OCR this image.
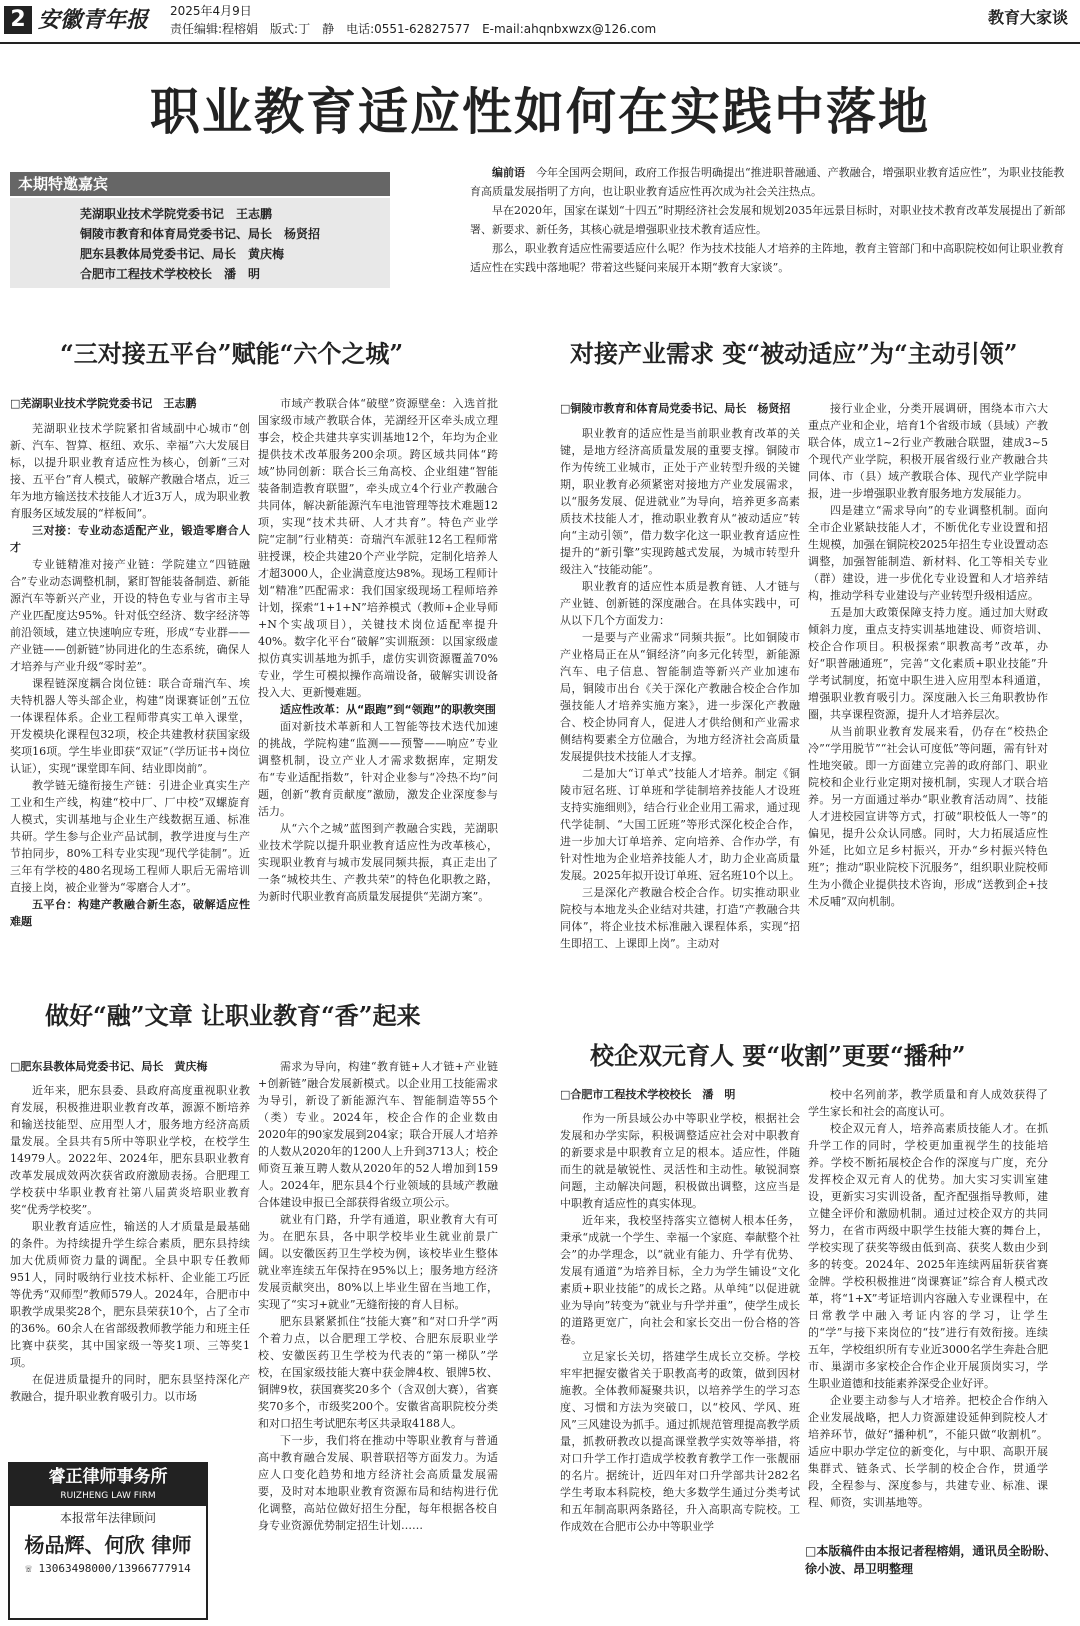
2 安徽青年报 2025年4月9日
责任编辑:程榕娟　版式:丁　静　电话:0551-62827577　E-mail:ahqnbxwzx@126.com
教育大家谈
职业教育适应性如何在实践中落地
本期特邀嘉宾
芜湖职业技术学院党委书记　王志鹏
铜陵市教育和体育局党委书记、局长　杨贤招
肥东县教体局党委书记、局长　黄庆梅
合肥市工程技术学校校长　潘　明

编前语　 今年全国两会期间，政府工作报告明确提出“推进职普融通、产教融合，增强职业教育适应性”，为职业技能教育高质量发展指明了方向，也让职业教育适应性再次成为社会关注热点。

早在2020年，国家在谋划“十四五”时期经济社会发展和规划2035年远景目标时，对职业技术教育改革发展提出了新部署、新要求、新任务，其核心就是增强职业技术教育适应性。

那么，职业教育适应性需要适应什么呢？作为技术技能人才培养的主阵地，教育主管部门和中高职院校如何让职业教育适应性在实践中落地呢？带着这些疑问来展开本期“教育大家谈”。

“三对接五平台”赋能“六个之城”
□芜湖职业技术学院党委书记　王志鹏

芜湖职业技术学院紧扣省域副中心城市“创新、汽车、智算、枢纽、欢乐、幸福”六大发展目标，以提升职业教育适应性为核心，创新“三对接、五平台”育人模式，破解产教融合堵点，近三年为地方输送技术技能人才近3万人，成为职业教育服务区域发展的“样板间”。

三对接：专业动态适配产业，锻造零磨合人才

专业链精准对接产业链：学院建立“四链融合”专业动态调整机制，紧盯智能装备制造、新能源汽车等新兴产业，开设的特色专业与省市主导产业匹配度达95%。针对低空经济、数字经济等前沿领域，建立快速响应专班，形成“专业群——产业链——创新链”协同进化的生态系统，确保人才培养与产业升级“零时差”。

课程链深度耦合岗位链：联合奇瑞汽车、埃夫特机器人等头部企业，构建“岗课赛证创”五位一体课程体系。企业工程师带真实工单入课堂，开发模块化课程包32项，校企共建教材获国家级奖项16项。学生毕业即获“双证”（学历证书+岗位认证），实现“课堂即车间、结业即岗前”。

教学链无缝衔接生产链：引进企业真实生产工业和生产线，构建“校中厂、厂中校”双螺旋育人模式，实训基地与企业生产线数据互通、标准共研。学生参与企业产品试制，教学进度与生产节拍同步，80%工科专业实现“现代学徒制”。近三年有学校的480名现场工程师人职后无需培训直接上岗，被企业誉为“零磨合人才”。

五平台：构建产教融合新生态，破解适应性难题

市域产教联合体“破壁”资源壁垒：入选首批国家级市域产教联合体，芜湖经开区牵头成立理事会，校企共建共享实训基地12个，年均为企业提供技术改革服务200余项。跨区域共同体“跨域”协同创新：联合长三角高校、企业组建“智能装备制造教育联盟”，牵头成立4个行业产教融合共同体，解决新能源汽车电池管理等技术难题12项，实现“技术共研、人才共育”。特色产业学院“定制”行业精英：奇瑞汽车派驻12名工程师常驻授课，校企共建20个产业学院，定制化培养人才超3000人，企业满意度达98%。现场工程师计划“精准”匹配需求：我们国家级现场工程师培养计划，探索“1+1+N”培养模式（教师+企业导师+N个实战项目），关键技术岗位适配率提升40%。数字化平台“破解”实训瓶颈：以国家级虚拟仿真实训基地为抓手，虚仿实训资源覆盖70%专业，学生可模拟操作高端设备，破解实训设备投入大、更新慢难题。

适应性改革：从“跟跑”到“领跑”的职教突围

面对新技术革新和人工智能等技术迭代加速的挑战，学院构建“监测——预警——响应”专业调整机制，设立产业人才需求数据库，定期发布“专业适配指数”，针对企业参与“冷热不均”问题，创新“教育贡献度”激励，激发企业深度参与活力。

从“六个之城”蓝图到产教融合实践，芜湖职业技术学院以提升职业教育适应性为改革核心，实现职业教育与城市发展同频共振，真正走出了一条“城校共生、产教共荣”的特色化职教之路，为新时代职业教育高质量发展提供“芜湖方案”。

对接产业需求 变“被动适应”为“主动引领”
□铜陵市教育和体育局党委书记、局长　杨贤招

职业教育的适应性是当前职业教育改革的关键，是地方经济高质量发展的重要支撑。铜陵市作为传统工业城市，正处于产业转型升级的关键期，职业教育必须紧密对接地方产业发展需求，以“服务发展、促进就业”为导向，培养更多高素质技术技能人才，推动职业教育从“被动适应”转向“主动引领”，借力数字化这一职业教育适应性提升的“新引擎”实现跨越式发展，为城市转型升级注入“技能动能”。

职业教育的适应性本质是教育链、人才链与产业链、创新链的深度融合。在具体实践中，可从以下几个方面发力：

一是要与产业需求“同频共振”。比如铜陵市产业格局正在从“铜经济”向多元化转型，新能源汽车、电子信息、智能制造等新兴产业加速布局，铜陵市出台《关于深化产教融合校企合作加强技能人才培养实施方案》，进一步深化产教融合、校企协同育人，促进人才供给侧和产业需求侧结构要素全方位融合，为地方经济社会高质量发展提供技术技能人才支撑。

二是加大“订单式”技能人才培养。制定《铜陵市冠名班、订单班和学徒制培养技能人才设班支持实施细则》，结合行业企业用工需求，通过现代学徒制、“大国工匠班”等形式深化校企合作，进一步加大订单培养、定向培养、合作办学，有针对性地为企业培养技能人才，助力企业高质量发展。2025年拟开设订单班、冠名班10个以上。

三是深化产教融合校企合作。切实推动职业院校与本地龙头企业结对共建，打造“产教融合共同体”，将企业技术标准融入课程体系，实现“招生即招工、上课即上岗”。主动对

接行业企业，分类开展调研，围绕本市六大重点产业和企业，培育1个省级市域（县域）产教联合体，成立1~2行业产教融合联盟，建成3~5个现代产业学院，积极开展省级行业产教融合共同体、市（县）域产教联合体、现代产业学院申报，进一步增强职业教育服务地方发展能力。

四是建立“需求导向”的专业调整机制。面向全市企业紧缺技能人才，不断优化专业设置和招生规模，加强在铜院校2025年招生专业设置动态调整，加强智能制造、新材料、化工等相关专业（群）建设，进一步优化专业设置和人才培养结构，推动学科专业建设与产业转型升级相适应。

五是加大政策保障支持力度。通过加大财政倾斜力度，重点支持实训基地建设、师资培训、校企合作项目。积极探索“职教高考”改革，办好“职普融通班”，完善“文化素质+职业技能”升学考试制度，拓宽中职生进入应用型本科通道，增强职业教育吸引力。深度融入长三角职教协作圈，共享课程资源，提升人才培养层次。

从当前职业教育发展来看，仍存在“校热企冷”“学用脱节”“社会认可度低”等问题，需有针对性地突破。即一方面建立完善的政府部门、职业院校和企业行业定期对接机制，实现人才联合培养。另一方面通过举办“职业教育活动周”、技能人才进校园宣讲等方式，打破“职校低人一等”的偏见，提升公众认同感。同时，大力拓展适应性外延，比如立足乡村振兴，开办“乡村振兴特色班”；推动“职业院校下沉服务”，组织职业院校师生为小微企业提供技术咨询，形成“送教到企+技术反哺”双向机制。

做好“融”文章 让职业教育“香”起来
□肥东县教体局党委书记、局长　黄庆梅

近年来，肥东县委、县政府高度重视职业教育发展，积极推进职业教育改革，源源不断培养和输送技能型、应用型人才，服务地方经济高质量发展。全县共有5所中等职业学校，在校学生14979人。2022年、2024年，肥东县职业教育改革发展成效两次获省政府激励表扬。合肥理工学校获中华职业教育社第八届黄炎培职业教育奖“优秀学校奖”。

职业教育适应性，输送的人才质量是最基础的条件。为持续提升学生综合素质，肥东县持续加大优质师资力量的调配。全县中职专任教师951人，同时吸纳行业技术标杆、企业能工巧匠等优秀“双师型”教师579人。2024年，合肥市中职教学成果奖28个，肥东县荣获10个，占了全市的36%。60余人在省部级教师教学能力和班主任比赛中获奖，其中国家级一等奖1项、三等奖1项。

在促进质量提升的同时，肥东县坚持深化产教融合，提升职业教育吸引力。以市场

需求为导向，构建“教育链+人才链+产业链+创新链”融合发展新模式。以企业用工技能需求为导引，新设了新能源汽车、智能制造等55个（类）专业。2024年，校企合作的企业数由2020年的90家发展到204家；联合开展人才培养的人数从2020年的1200人上升到3713人；校企师资互兼互聘人数从2020年的52人增加到159人。2024年，肥东县4个行业领域的县域产教融合体建设申报已全部获得省级立项公示。

就业有门路，升学有通道，职业教育大有可为。在肥东县，各中职学校毕业生就业前景广阔。以安徽医药卫生学校为例，该校毕业生整体就业率连续五年保持在95%以上；服务地方经济发展贡献突出，80%以上毕业生留在当地工作，实现了“实习+就业”无缝衔接的育人目标。

肥东县紧紧抓住“技能大赛”和“对口升学”两个着力点，以合肥理工学校、合肥东辰职业学校、安徽医药卫生学校为代表的“第一梯队”学校，在国家级技能大赛中获金牌4枚、银牌5枚、铜牌9枚，获国赛奖20多个（含双创大赛），省赛奖70多个，市级奖200个。安徽省高职院校分类和对口招生考试肥东考区共录取4188人。

下一步，我们将在推动中等职业教育与普通高中教育融合发展、职普联招等方面发力。为适应人口变化趋势和地方经济社会高质量发展需要，及时对本地职业教育资源布局和结构进行优化调整，高站位做好招生分配，每年根据各校自身专业资源优势制定招生计划……

校企双元育人 要“收割”更要“播种”
□合肥市工程技术学校校长　潘　明

作为一所县域公办中等职业学校，根据社会发展和办学实际，积极调整适应社会对中职教育的新要求是中职教育立足的根本。适应性，伴随而生的就是敏锐性、灵活性和主动性。敏锐洞察问题，主动解决问题，积极做出调整，这应当是中职教育适应性的真实体现。

近年来，我校坚持落实立德树人根本任务，秉承“成就一个学生、幸福一个家庭、奉献整个社会”的办学理念，以“就业有能力、升学有优势、发展有通道”为培养目标，全力为学生铺设“文化素质+职业技能”的成长之路。从单纯“以促进就业为导向”转变为“就业与升学并重”，使学生成长的道路更宽广，向社会和家长交出一份合格的答卷。

立足家长关切，搭建学生成长立交桥。学校牢牢把握安徽省关于职教高考的政策，做到因材施教。全体教师凝聚共识，以培养学生的学习态度、习惯和方法为突破口，以“校风、学风、班风”三风建设为抓手。通过抓规范管理提高教学质量，抓教研教改以提高课堂教学实效等举措，将对口升学工作打造成学校教育教学工作一张靓丽的名片。据统计，近四年对口升学部共计282名学生考取本科院校，绝大多数学生通过分类考试和五年制高职两条路径，升入高职高专院校。工作成效在合肥市公办中等职业学

校中名列前茅，教学质量和育人成效获得了学生家长和社会的高度认可。

校企双元育人，培养高素质技能人才。在抓升学工作的同时，学校更加重视学生的技能培养。学校不断拓展校企合作的深度与广度，充分发挥校企双元育人的优势。加大实习实训室建设，更新实习实训设备，配齐配强指导教师，建立健全评价和激励机制。通过过校企双方的共同努力，在省市两级中职学生技能大赛的舞台上，学校实现了获奖等级由低到高、获奖人数由少到多的转变。2024年、2025年连续两届斩获省赛金牌。学校积极推进“岗课赛证”综合育人模式改革，将“1+X”考证培训内容融入专业课程中，在日常教学中融入考证内容的学习，让学生的“学”与接下来岗位的“技”进行有效衔接。连续五年，学校组织所有专业近3000名学生奔赴合肥市、巢湖市多家校企合作企业开展顶岗实习，学生职业道德和技能素养深受企业好评。

企业要主动参与人才培养。把校企合作纳入企业发展战略，把人力资源建设延伸到院校人才培养环节，做好“播种机”，不能只做“收割机”。适应中职办学定位的新变化，与中职、高职开展集群式、链条式、长学制的校企合作，贯通学段，全程参与、深度参与，共建专业、标准、课程、师资，实训基地等。

睿正律师事务所
RUIZHENG LAW FIRM
本报常年法律顾问
杨品辉、何欣 律师
☏ 13063498000/13966777914
□本版稿件由本报记者程榕娟，通讯员全盼盼、徐小波、昂卫明整理
